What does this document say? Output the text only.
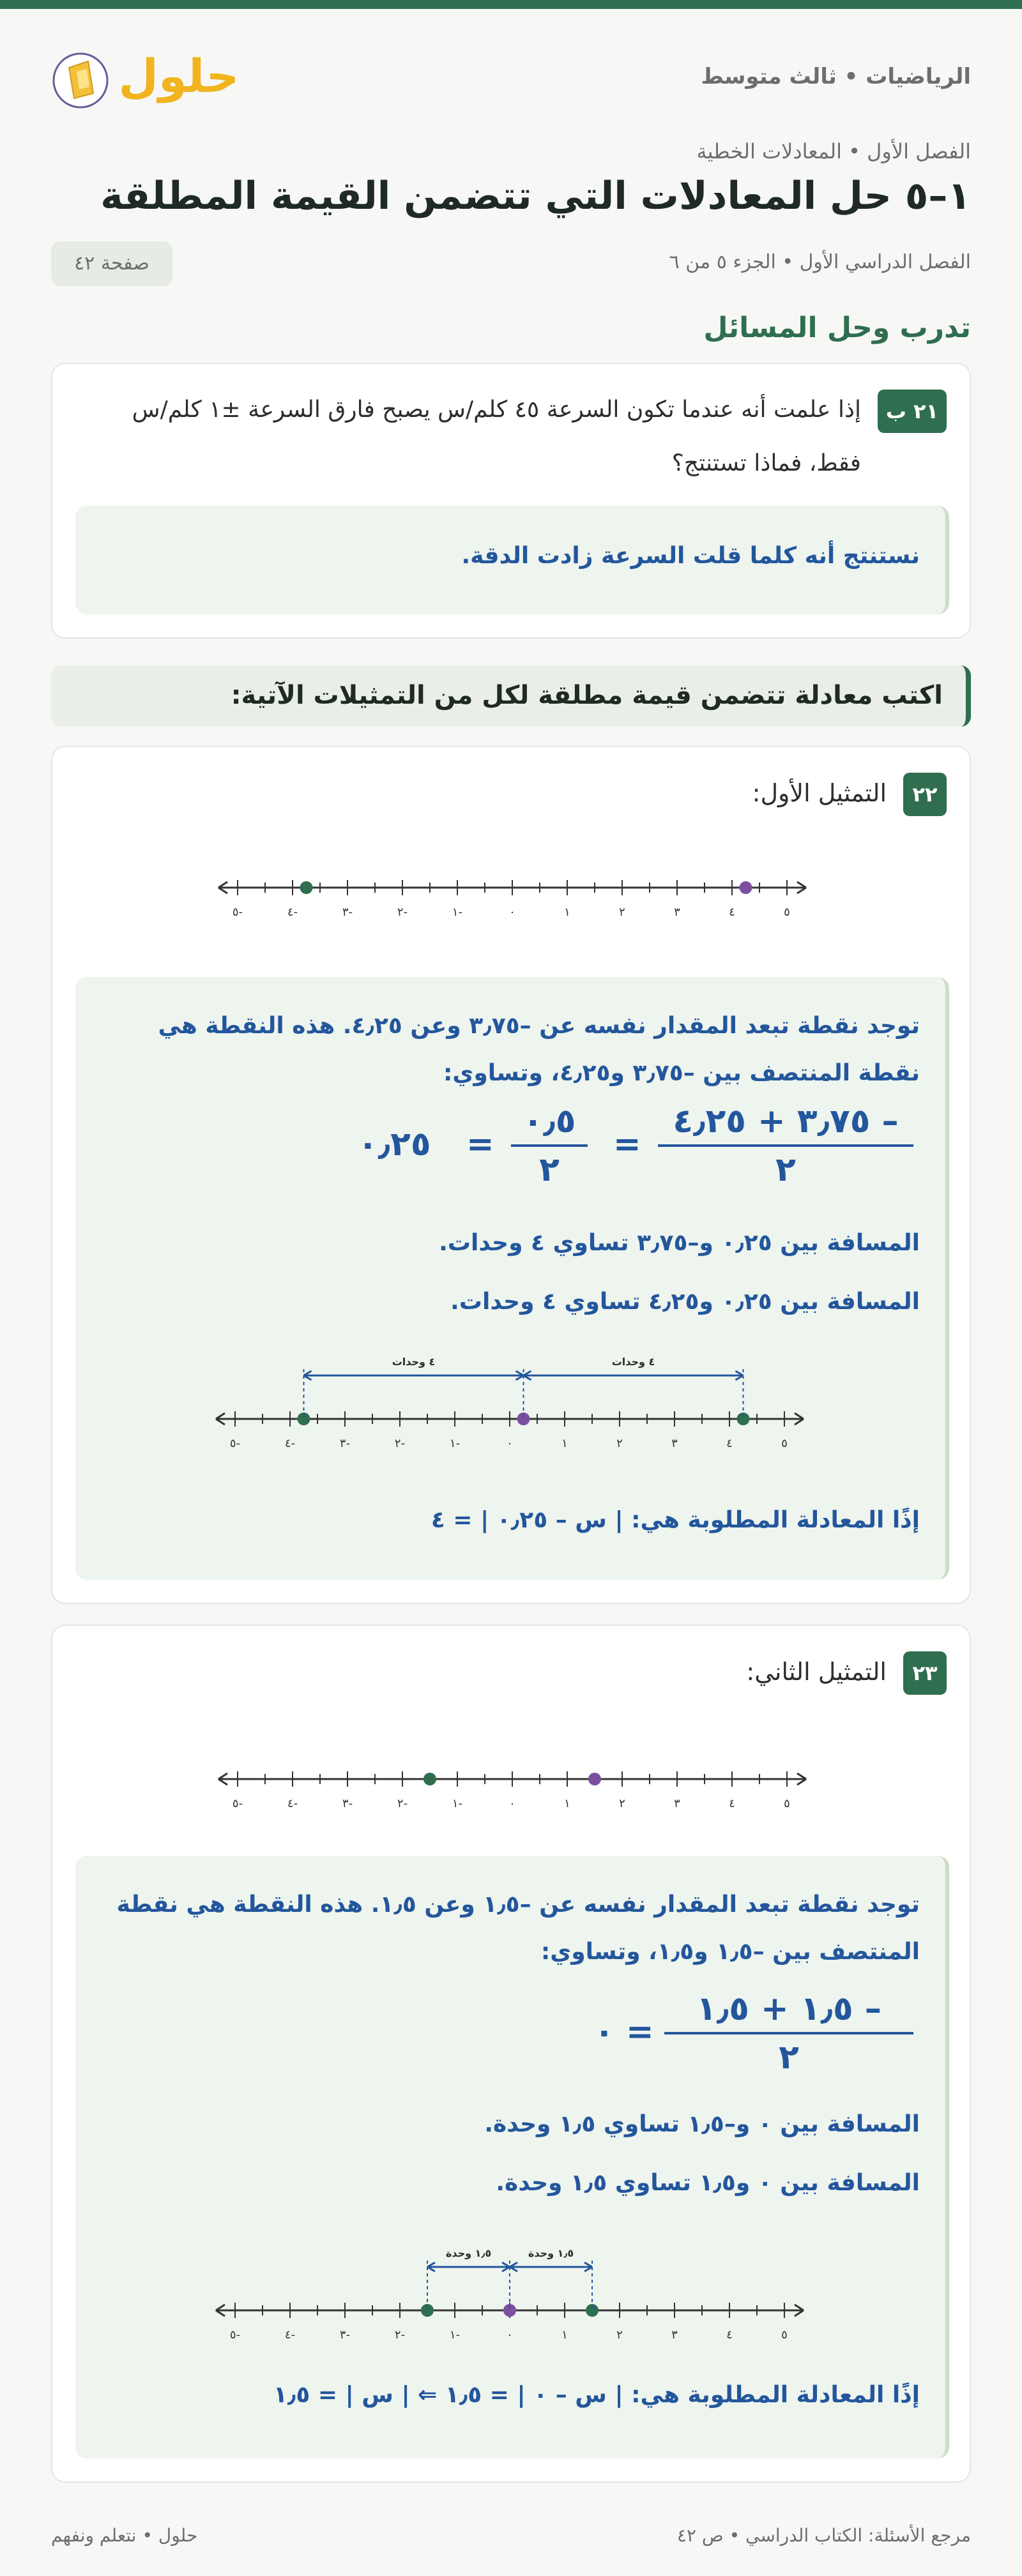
الرياضيات • ثالث متوسط
حلول
الفصل الأول • المعادلات الخطية
١–٥ حل المعادلات التي تتضمن القيمة المطلقة
الفصل الدراسي الأول • الجزء ٥ من ٦
صفحة ٤٢
تدرب وحل المسائل
٢١ ب
إذا علمت أنه عندما تكون السرعة ٤٥ كلم/س يصبح فارق السرعة ±١ كلم/س فقط، فماذا تستنتج؟
نستنتج أنه كلما قلت السرعة زادت الدقة.
اكتب معادلة تتضمن قيمة مطلقة لكل من التمثيلات الآتية:
٢٢
التمثيل الأول:
-٥	-٤	-٣	-٢	-١	٠	١	٢	٣	٤	٥
توجد نقطة تبعد المقدار نفسه عن –٣٫٧٥ وعن ٤٫٢٥. هذه النقطة هي
نقطة المنتصف بين –٣٫٧٥ و٤٫٢٥، وتساوي:
٠٫٢٥ =
٠٫٥
٢
=
– ٣٫٧٥ + ٤٫٢٥
٢
المسافة بين ٠٫٢٥ و–٣٫٧٥ تساوي ٤ وحدات.
المسافة بين ٠٫٢٥ و٤٫٢٥ تساوي ٤ وحدات.
-٥	-٤	-٣	-٢	-١	٠	١	٢	٣	٤	٥
٤ وحدات	٤ وحدات
إذًا المعادلة المطلوبة هي: | س – ٠٫٢٥ | = ٤
٢٣
التمثيل الثاني:
-٥	-٤	-٣	-٢	-١	٠	١	٢	٣	٤	٥
توجد نقطة تبعد المقدار نفسه عن –١٫٥ وعن ١٫٥. هذه النقطة هي نقطة
المنتصف بين –١٫٥ و١٫٥، وتساوي:
٠ =
– ١٫٥ + ١٫٥
٢
المسافة بين ٠ و–١٫٥ تساوي ١٫٥ وحدة.
المسافة بين ٠ و١٫٥ تساوي ١٫٥ وحدة.
-٥	-٤	-٣	-٢	-١	٠	١	٢	٣	٤	٥
١٫٥ وحدة	١٫٥ وحدة
إذًا المعادلة المطلوبة هي: | س – ٠ | = ١٫٥ ⇐ | س | = ١٫٥
مرجع الأسئلة: الكتاب الدراسي • ص ٤٢
حلول • نتعلم ونفهم
